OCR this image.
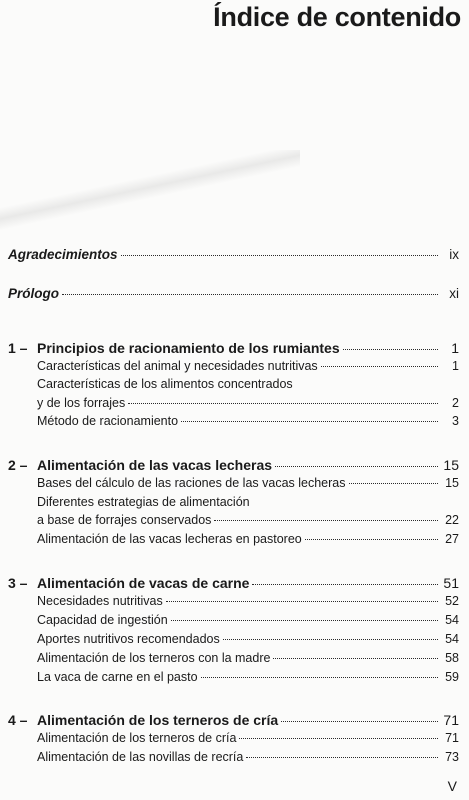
Índice de contenido
Agradecimientos	ix
Prólogo	xi
1 – Principios de racionamiento de los rumiantes	1
Características del animal y necesidades nutritivas	1
Características de los alimentos concentrados
y de los forrajes	2
Método de racionamiento	3
2 – Alimentación de las vacas lecheras	15
Bases del cálculo de las raciones de las vacas lecheras	15
Diferentes estrategias de alimentación
a base de forrajes conservados	22
Alimentación de las vacas lecheras en pastoreo	27
3 – Alimentación de vacas de carne	51
Necesidades nutritivas	52
Capacidad de ingestión	54
Aportes nutritivos recomendados	54
Alimentación de los terneros con la madre	58
La vaca de carne en el pasto	59
4 – Alimentación de los terneros de cría	71
Alimentación de los terneros de cría	71
Alimentación de las novillas de recría	73
V
